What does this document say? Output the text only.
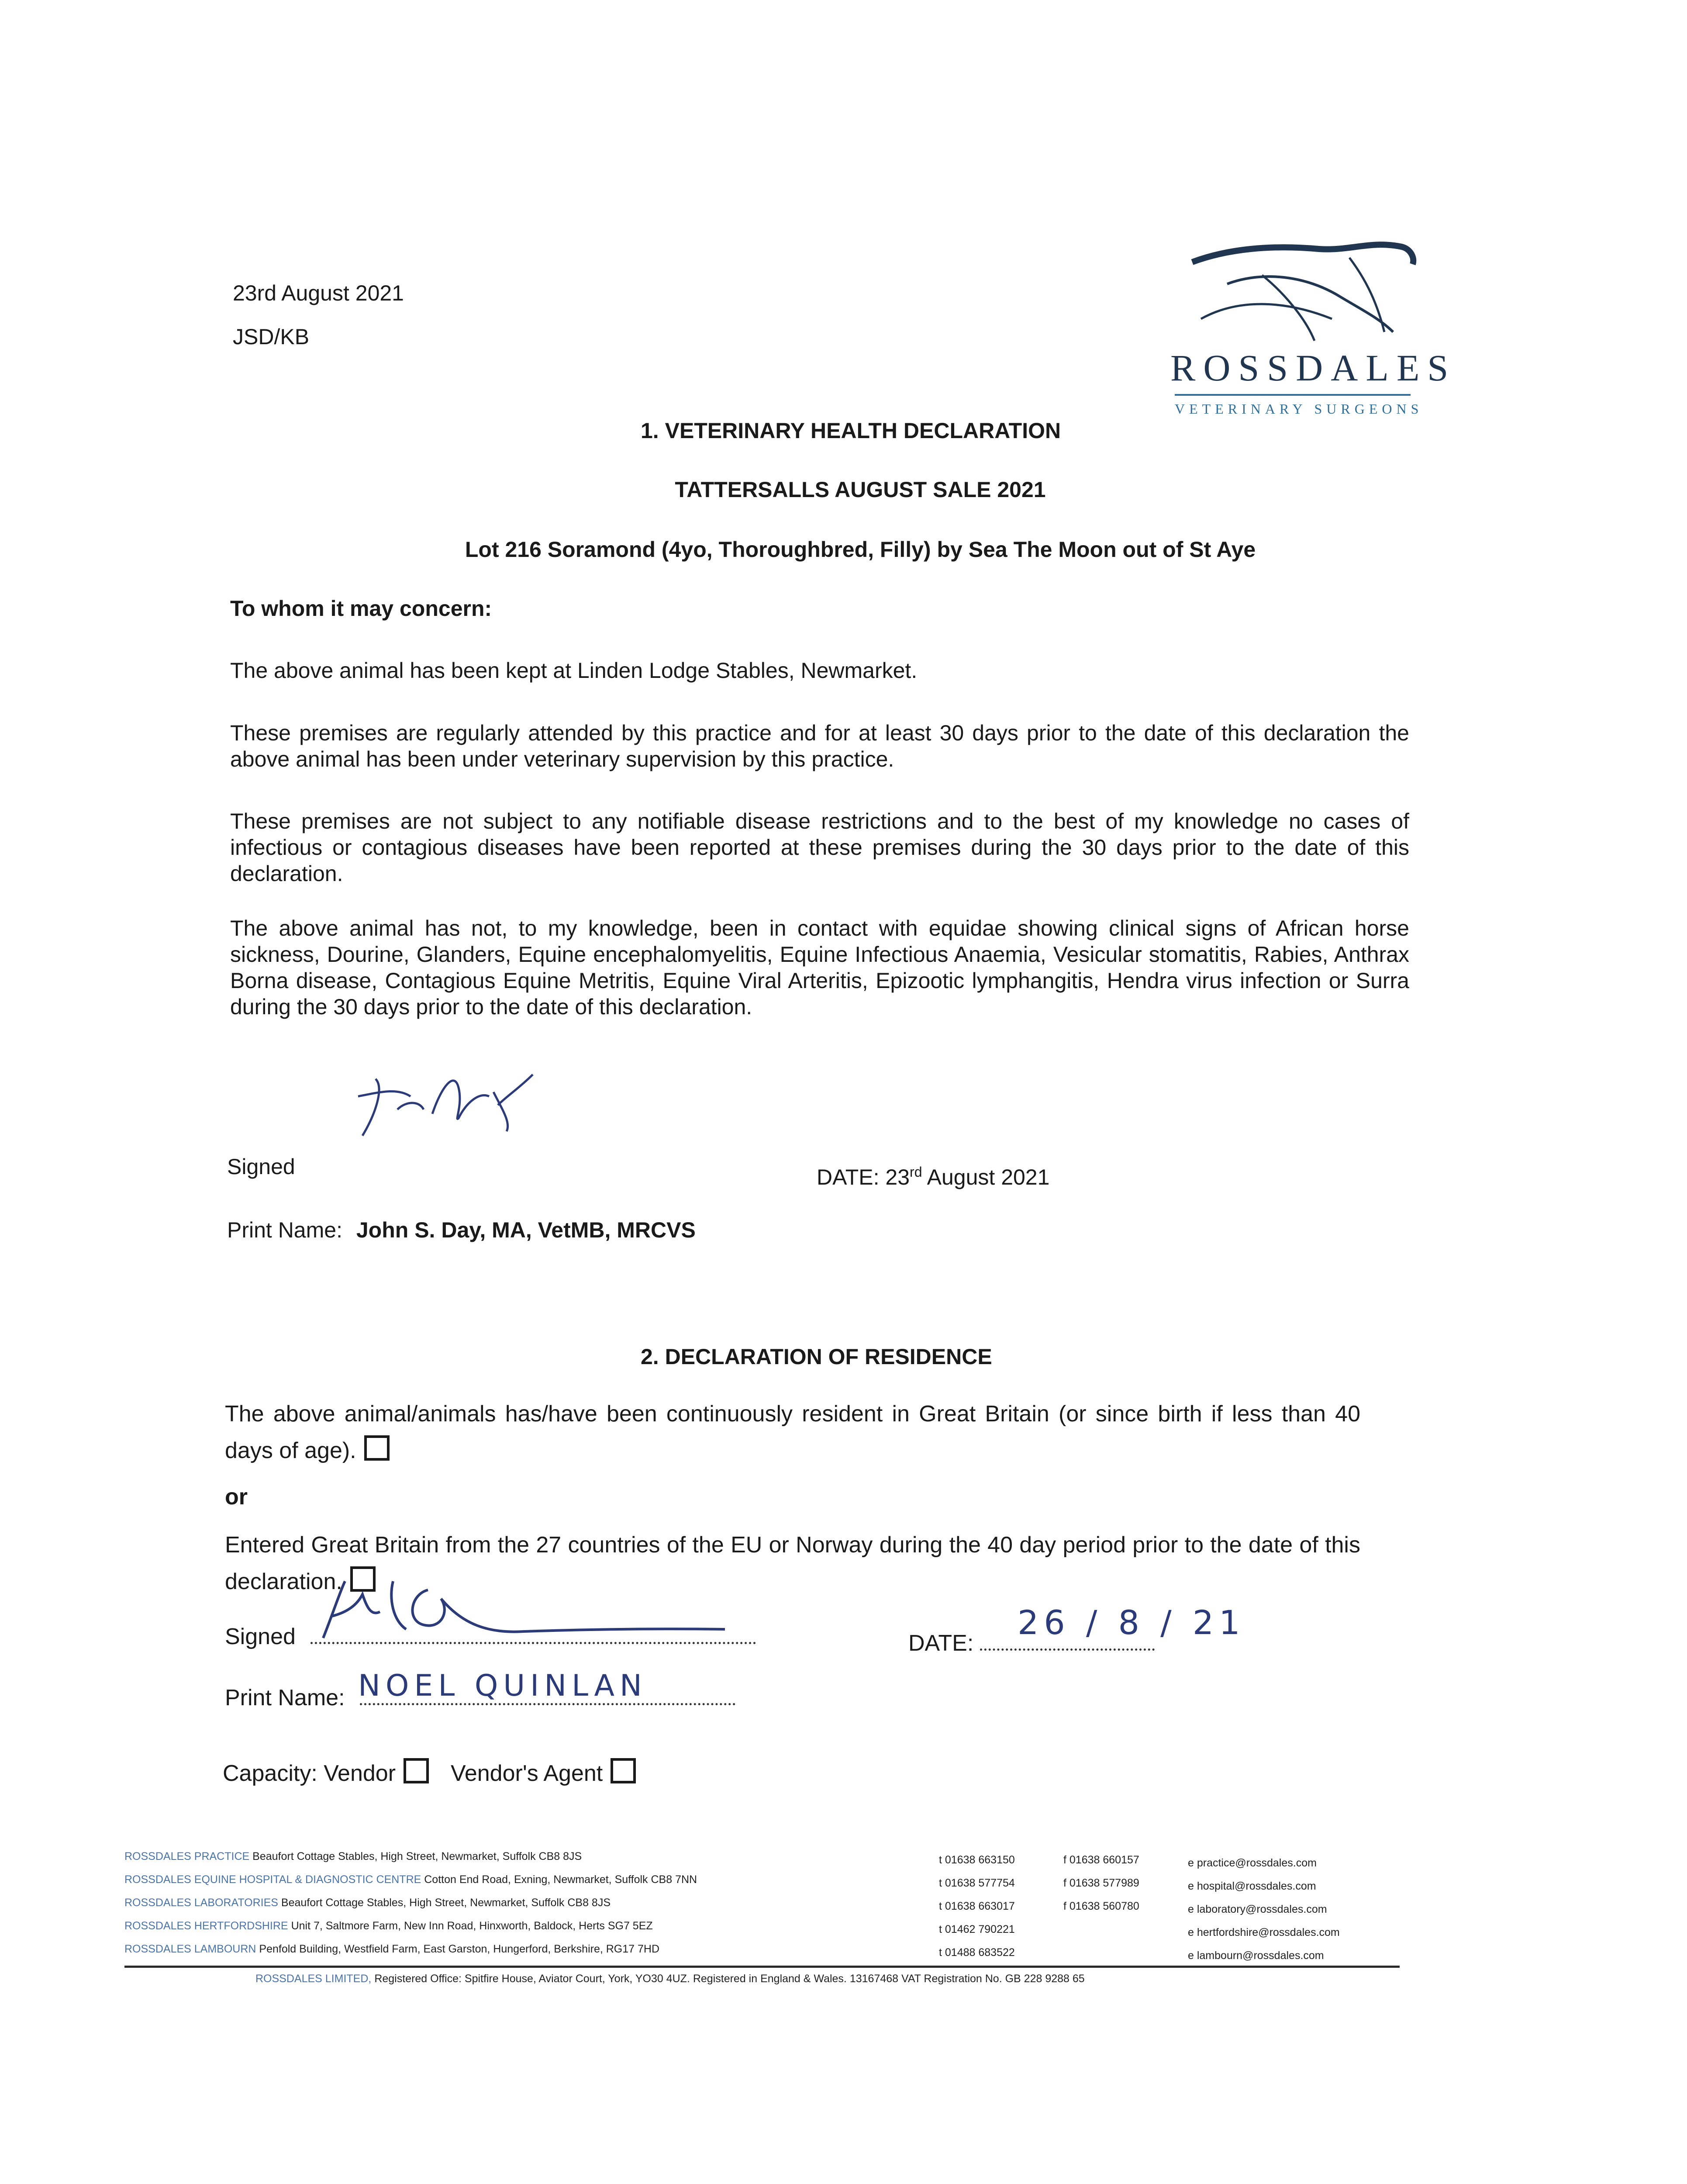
23rd August 2021
JSD/KB
ROSSDALES
VETERINARY SURGEONS
1. VETERINARY HEALTH DECLARATION
TATTERSALLS AUGUST SALE 2021
Lot 216 Soramond (4yo, Thoroughbred, Filly) by Sea The Moon out of St Aye
To whom it may concern:
The above animal has been kept at Linden Lodge Stables, Newmarket.
These premises are regularly attended by this practice and for at least 30 days prior to the date of this declaration the above animal has been under veterinary supervision by this practice.
These premises are not subject to any notifiable disease restrictions and to the best of my knowledge no cases of infectious or contagious diseases have been reported at these premises during the 30 days prior to the date of this declaration.
The above animal has not, to my knowledge, been in contact with equidae showing clinical signs of African horse sickness, Dourine, Glanders, Equine encephalomyelitis, Equine Infectious Anaemia, Vesicular stomatitis, Rabies, Anthrax Borna disease, Contagious Equine Metritis, Equine Viral Arteritis, Epizootic lymphangitis, Hendra virus infection or Surra during the 30 days prior to the date of this declaration.
Signed	DATE: 23rd August 2021
Print Name: John S. Day, MA, VetMB, MRCVS
2. DECLARATION OF RESIDENCE
The above animal/animals has/have been continuously resident in Great Britain (or since birth if less than 40 days of age).
or
Entered Great Britain from the 27 countries of the EU or Norway during the 40 day period prior to the date of this declaration.
Signed	DATE:
26 / 8 / 21
Print Name: NOEL QUINLAN
Capacity: Vendor Vendor's Agent
ROSSDALES PRACTICE Beaufort Cottage Stables, High Street, Newmarket, Suffolk CB8 8JS
ROSSDALES EQUINE HOSPITAL & DIAGNOSTIC CENTRE Cotton End Road, Exning, Newmarket, Suffolk CB8 7NN
ROSSDALES LABORATORIES Beaufort Cottage Stables, High Street, Newmarket, Suffolk CB8 8JS
ROSSDALES HERTFORDSHIRE Unit 7, Saltmore Farm, New Inn Road, Hinxworth, Baldock, Herts SG7 5EZ
ROSSDALES LAMBOURN Penfold Building, Westfield Farm, East Garston, Hungerford, Berkshire, RG17 7HD
t 01638 663150
t 01638 577754
t 01638 663017
t 01462 790221
t 01488 683522
f 01638 660157
f 01638 577989
f 01638 560780
e practice@rossdales.com
e hospital@rossdales.com
e laboratory@rossdales.com
e hertfordshire@rossdales.com
e lambourn@rossdales.com
ROSSDALES LIMITED, Registered Office: Spitfire House, Aviator Court, York, YO30 4UZ. Registered in England & Wales. 13167468 VAT Registration No. GB 228 9288 65
